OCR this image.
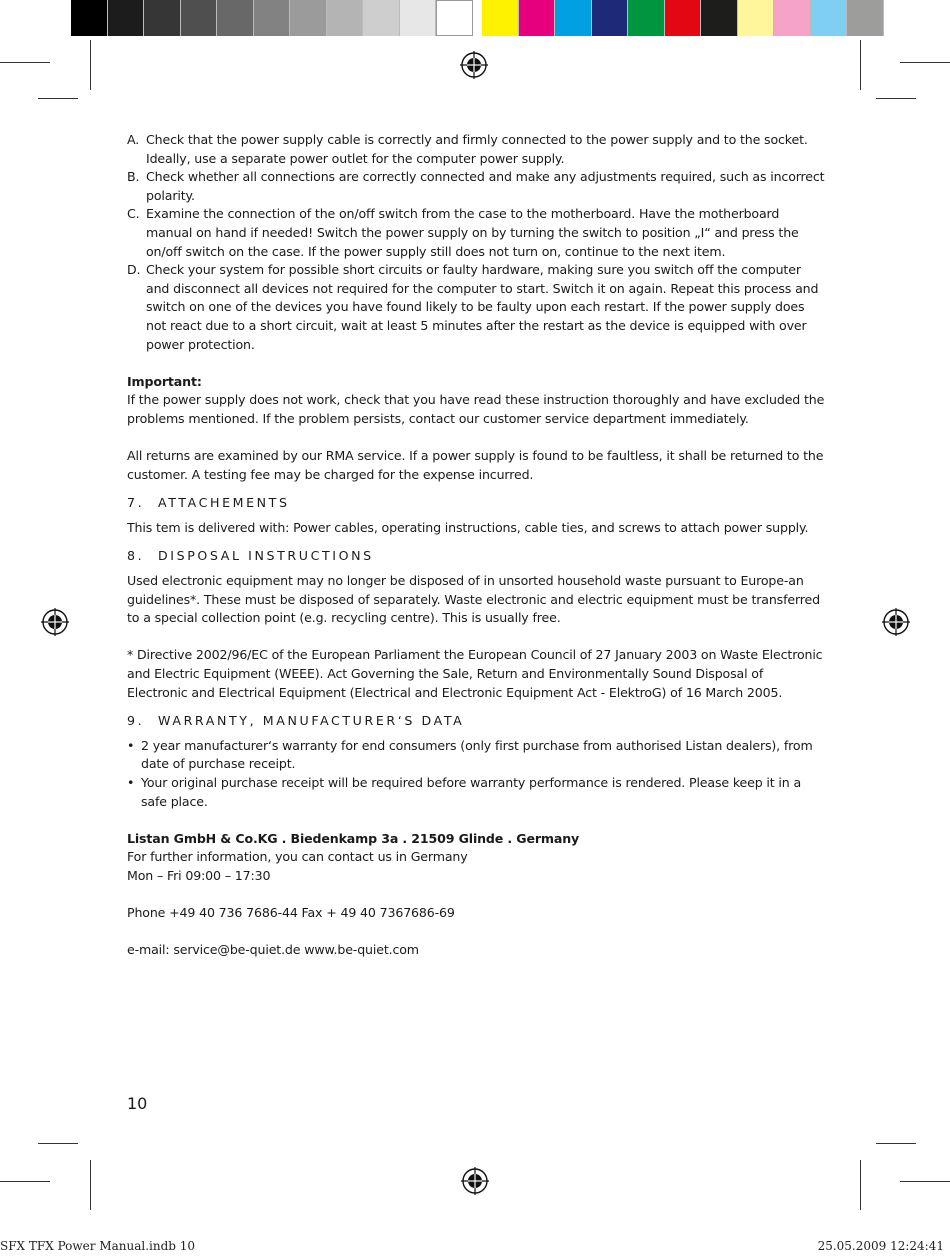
A. Check that the power supply cable is correctly and firmly connected to the power supply and to the socket. Ideally, use a separate power outlet for the computer power supply.
B. Check whether all connections are correctly connected and make any adjustments required, such as incorrect polarity.
C. Examine the connection of the on/off switch from the case to the motherboard. Have the motherboard manual on hand if needed! Switch the power supply on by turning the switch to position „I“ and press the on/off switch on the case. If the power supply still does not turn on, continue to the next item.
D. Check your system for possible short circuits or faulty hardware, making sure you switch off the computer and disconnect all devices not required for the computer to start. Switch it on again. Repeat this process and switch on one of the devices you have found likely to be faulty upon each restart. If the power supply does not react due to a short circuit, wait at least 5 minutes after the restart as the device is equipped with over power protection.

Important:

If the power supply does not work, check that you have read these instruction thoroughly and have excluded the problems mentioned. If the problem persists, contact our customer service department immediately.

All returns are examined by our RMA service. If a power supply is found to be faultless, it shall be returned to the customer. A testing fee may be charged for the expense incurred.

7. ATTACHEMENTS

This tem is delivered with: Power cables, operating instructions, cable ties, and screws to attach power supply.

8. DISPOSAL INSTRUCTIONS

Used electronic equipment may no longer be disposed of in unsorted household waste pursuant to Europe-an guidelines*. These must be disposed of separately. Waste electronic and electric equipment must be transferred to a special collection point (e.g. recycling centre). This is usually free.

* Directive 2002/96/EC of the European Parliament the European Council of 27 January 2003 on Waste Electronic and Electric Equipment (WEEE). Act Governing the Sale, Return and Environmentally Sound Disposal of Electronic and Electrical Equipment (Electrical and Electronic Equipment Act - ElektroG) of 16 March 2005.

9. WARRANTY, MANUFACTURER‘S DATA
• 2 year manufacturer‘s warranty for end consumers (only first purchase from authorised Listan dealers), from date of purchase receipt.
• Your original purchase receipt will be required before warranty performance is rendered. Please keep it in a safe place.

Listan GmbH & Co.KG . Biedenkamp 3a . 21509 Glinde . Germany

For further information, you can contact us in Germany

Mon – Fri 09:00 – 17:30

Phone +49 40 736 7686-44 Fax + 49 40 7367686-69

e-mail: service@be-quiet.de www.be-quiet.com

10
SFX TFX Power Manual.indb 10	25.05.2009 12:24:41
